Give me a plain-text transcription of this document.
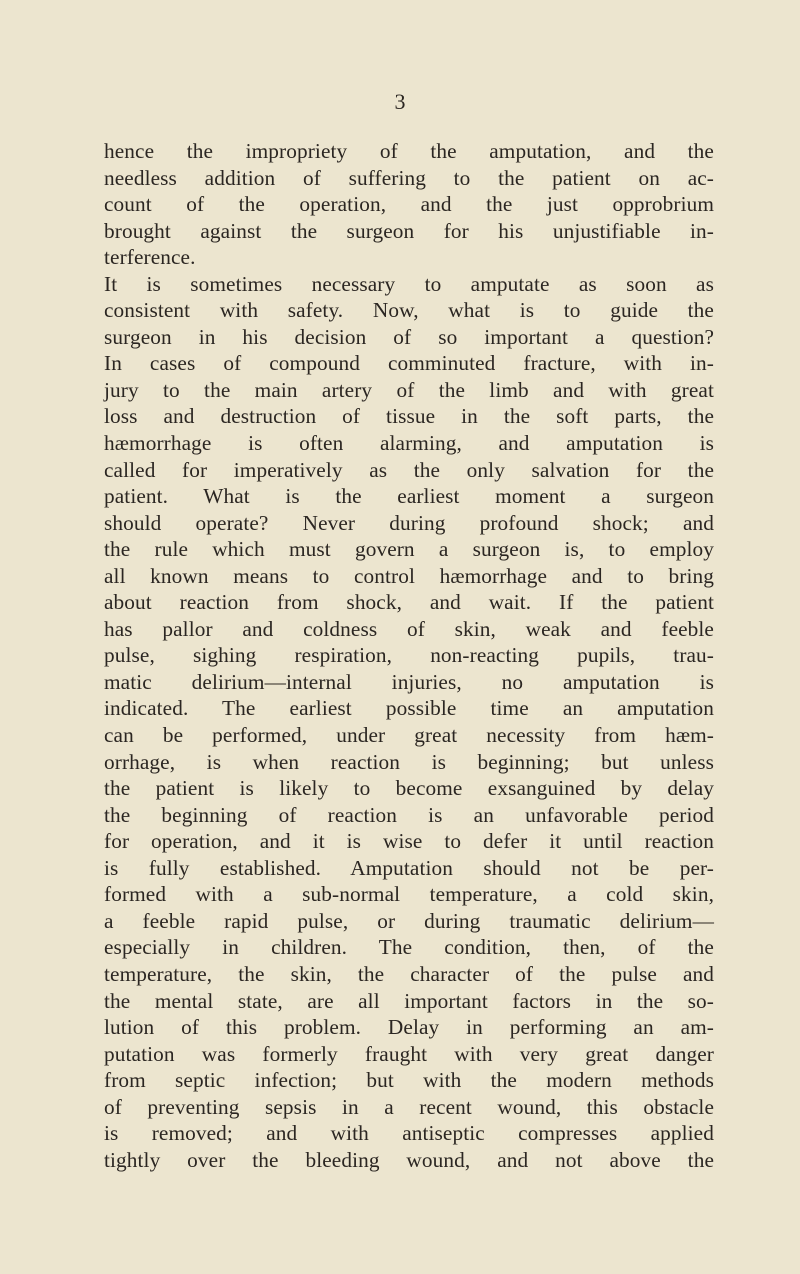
3
hence the impropriety of the amputation, and the
needless addition of suffering to the patient on ac-
count of the operation, and the just opprobrium
brought against the surgeon for his unjustifiable in-
terference.
It is sometimes necessary to amputate as soon as
consistent with safety. Now, what is to guide the
surgeon in his decision of so important a question?
In cases of compound comminuted fracture, with in-
jury to the main artery of the limb and with great
loss and destruction of tissue in the soft parts, the
hæmorrhage is often alarming, and amputation is
called for imperatively as the only salvation for the
patient. What is the earliest moment a surgeon
should operate? Never during profound shock; and
the rule which must govern a surgeon is, to employ
all known means to control hæmorrhage and to bring
about reaction from shock, and wait. If the patient
has pallor and coldness of skin, weak and feeble
pulse, sighing respiration, non-reacting pupils, trau-
matic delirium—internal injuries, no amputation is
indicated. The earliest possible time an amputation
can be performed, under great necessity from hæm-
orrhage, is when reaction is beginning; but unless
the patient is likely to become exsanguined by delay
the beginning of reaction is an unfavorable period
for operation, and it is wise to defer it until reaction
is fully established. Amputation should not be per-
formed with a sub-normal temperature, a cold skin,
a feeble rapid pulse, or during traumatic delirium—
especially in children. The condition, then, of the
temperature, the skin, the character of the pulse and
the mental state, are all important factors in the so-
lution of this problem. Delay in performing an am-
putation was formerly fraught with very great danger
from septic infection; but with the modern methods
of preventing sepsis in a recent wound, this obstacle
is removed; and with antiseptic compresses applied
tightly over the bleeding wound, and not above the
